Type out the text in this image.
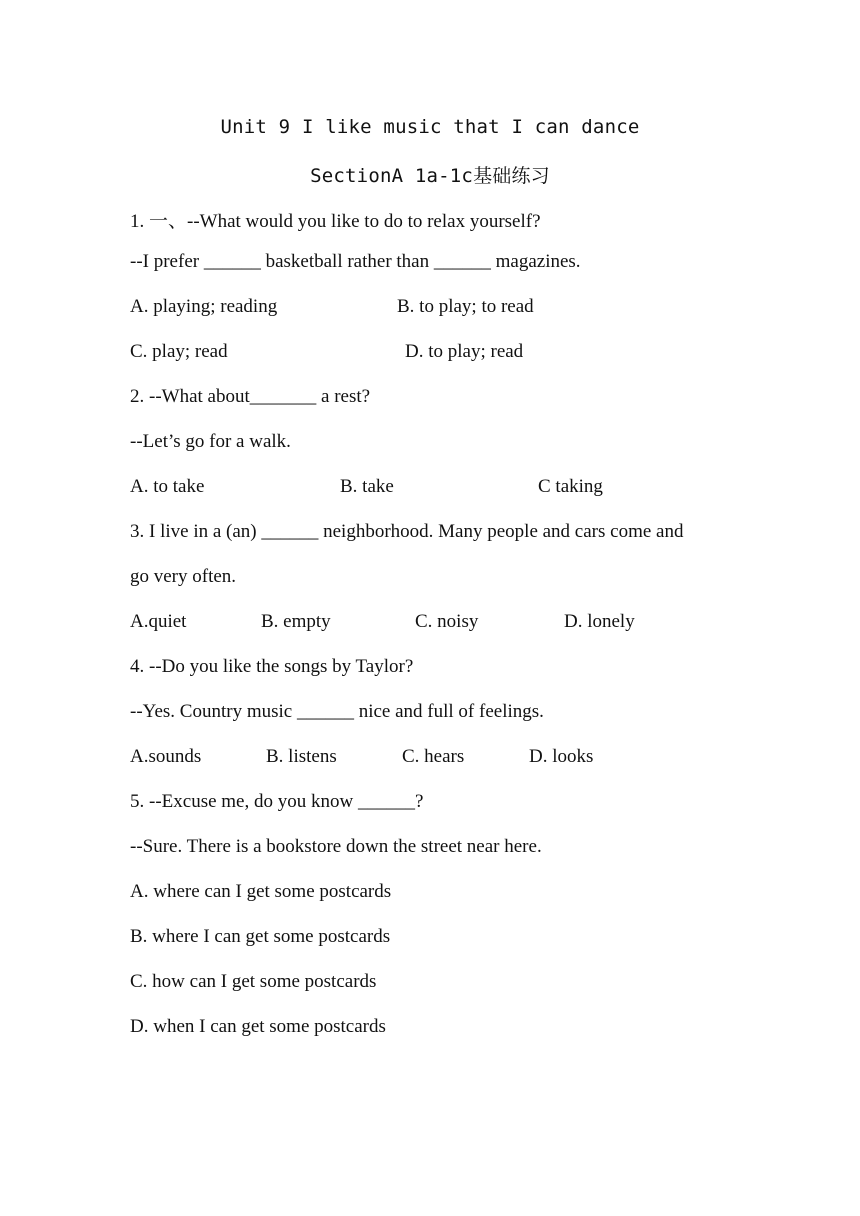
Unit 9 I like music that I can dance
SectionA 1a-1c基础练习
1. 一、--What would you like to do to relax yourself?
--I prefer ______ basketball rather than ______ magazines.
A. playing; reading	B. to play; to read
C. play; read	D. to play; read
2. --What about_______ a rest?
--Let’s go for a walk.
A. to take	B. take	C taking
3. I live in a (an) ______ neighborhood. Many people and cars come and
go very often.
A.quiet	B. empty	C. noisy	D. lonely
4. --Do you like the songs by Taylor?
--Yes. Country music ______ nice and full of feelings.
A.sounds	B. listens	C. hears	D. looks
5. --Excuse me, do you know ______?
--Sure. There is a bookstore down the street near here.
A. where can I get some postcards
B. where I can get some postcards
C. how can I get some postcards
D. when I can get some postcards
